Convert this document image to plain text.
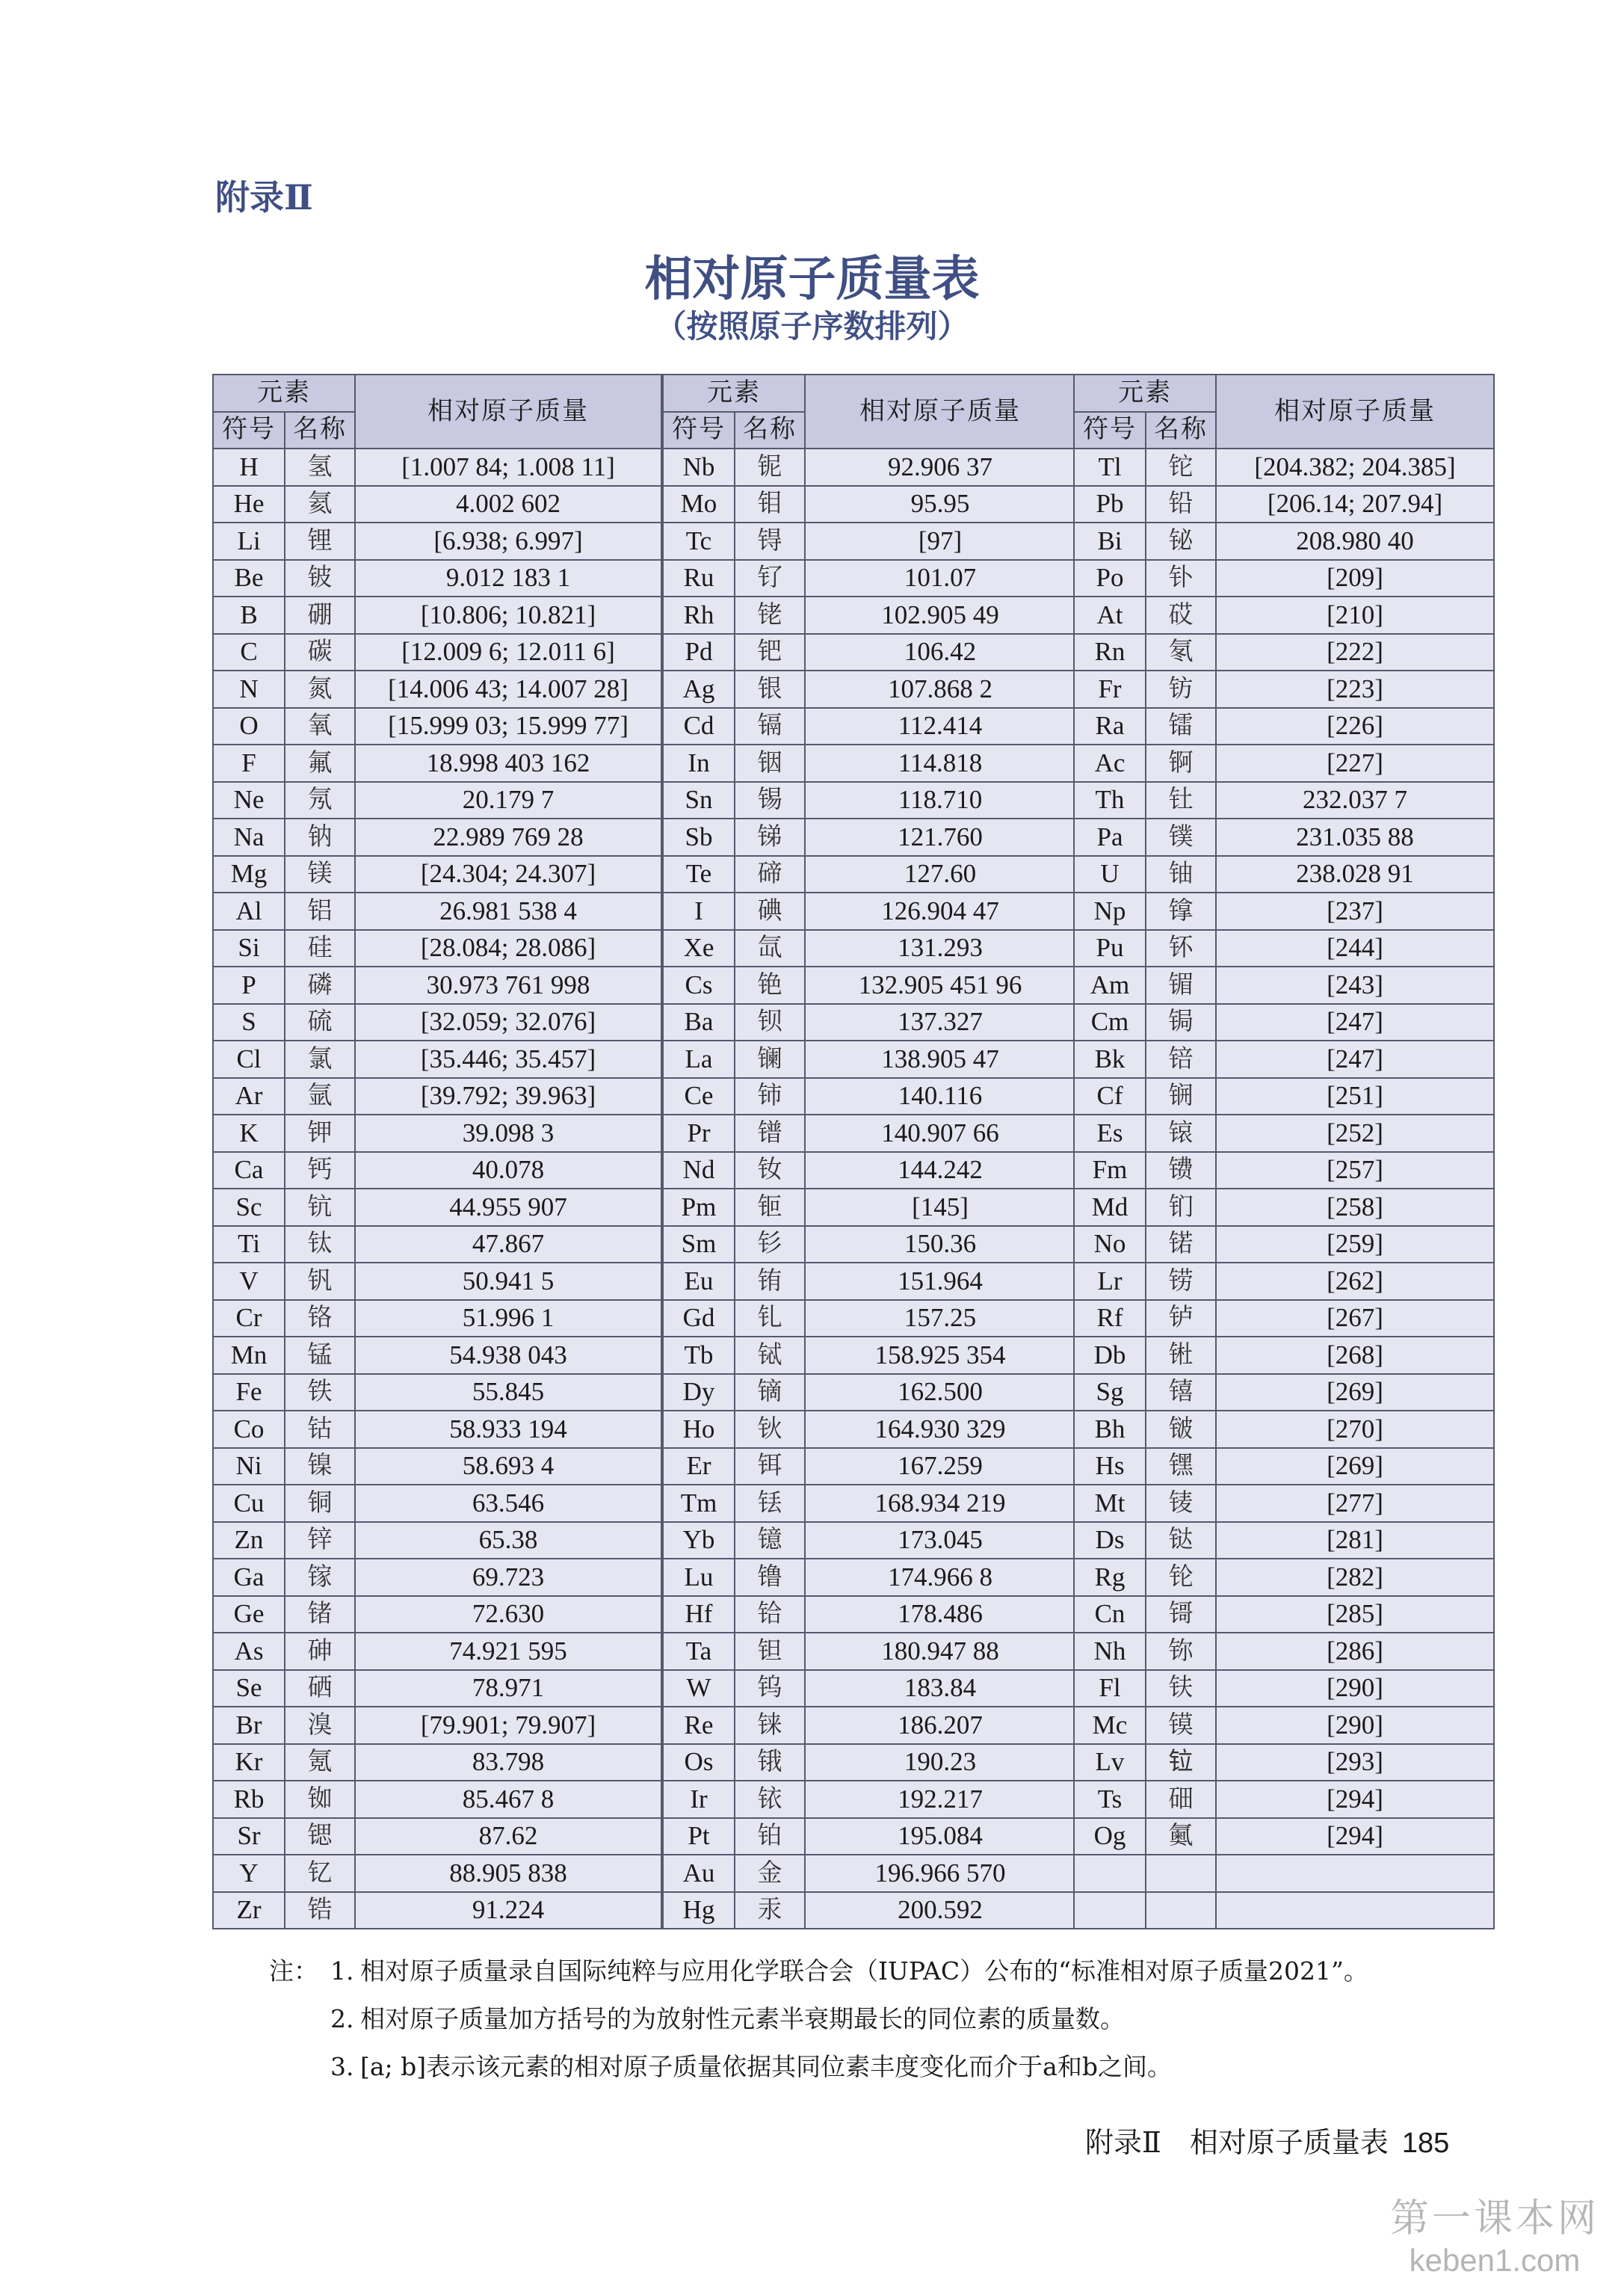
附录Ⅱ
相对原子质量表
（按照原子序数排列）
元素		相对原子质量
符号	名称	
H	氢	[1.007 84; 1.008 11]
He	氦	4.002 602
Li	锂	[6.938; 6.997]
Be	铍	9.012 183 1
B	硼	[10.806; 10.821]
C	碳	[12.009 6; 12.011 6]
N	氮	[14.006 43; 14.007 28]
O	氧	[15.999 03; 15.999 77]
F	氟	18.998 403 162
Ne	氖	20.179 7
Na	钠	22.989 769 28
Mg	镁	[24.304; 24.307]
Al	铝	26.981 538 4
Si	硅	[28.084; 28.086]
P	磷	30.973 761 998
S	硫	[32.059; 32.076]
Cl	氯	[35.446; 35.457]
Ar	氩	[39.792; 39.963]
K	钾	39.098 3
Ca	钙	40.078
Sc	钪	44.955 907
Ti	钛	47.867
V	钒	50.941 5
Cr	铬	51.996 1
Mn	锰	54.938 043
Fe	铁	55.845
Co	钴	58.933 194
Ni	镍	58.693 4
Cu	铜	63.546
Zn	锌	65.38
Ga	镓	69.723
Ge	锗	72.630
As	砷	74.921 595
Se	硒	78.971
Br	溴	[79.901; 79.907]
Kr	氪	83.798
Rb	铷	85.467 8
Sr	锶	87.62
Y	钇	88.905 838
Zr	锆	91.224
元素		相对原子质量
符号	名称	
Nb	铌	92.906 37
Mo	钼	95.95
Tc	锝	[97]
Ru	钌	101.07
Rh	铑	102.905 49
Pd	钯	106.42
Ag	银	107.868 2
Cd	镉	112.414
In	铟	114.818
Sn	锡	118.710
Sb	锑	121.760
Te	碲	127.60
I	碘	126.904 47
Xe	氙	131.293
Cs	铯	132.905 451 96
Ba	钡	137.327
La	镧	138.905 47
Ce	铈	140.116
Pr	镨	140.907 66
Nd	钕	144.242
Pm	钷	[145]
Sm	钐	150.36
Eu	铕	151.964
Gd	钆	157.25
Tb	铽	158.925 354
Dy	镝	162.500
Ho	钬	164.930 329
Er	铒	167.259
Tm	铥	168.934 219
Yb	镱	173.045
Lu	镥	174.966 8
Hf	铪	178.486
Ta	钽	180.947 88
W	钨	183.84
Re	铼	186.207
Os	锇	190.23
Ir	铱	192.217
Pt	铂	195.084
Au	金	196.966 570
Hg	汞	200.592
元素		相对原子质量
符号	名称	
Tl	铊	[204.382; 204.385]
Pb	铅	[206.14; 207.94]
Bi	铋	208.980 40
Po	钋	[209]
At	砹	[210]
Rn	氡	[222]
Fr	钫	[223]
Ra	镭	[226]
Ac	锕	[227]
Th	钍	232.037 7
Pa	镤	231.035 88
U	铀	238.028 91
Np	镎	[237]
Pu	钚	[244]
Am	镅	[243]
Cm	锔	[247]
Bk	锫	[247]
Cf	锎	[251]
Es	锿	[252]
Fm	镄	[257]
Md	钔	[258]
No	锘	[259]
Lr	铹	[262]
Rf	𬬻	[267]
Db	𬭊	[268]
Sg	𬭳	[269]
Bh	𬭛	[270]
Hs	𬭶	[269]
Mt	鿏	[277]
Ds	𫟼	[281]
Rg	𬬭	[282]
Cn	鿔	[285]
Nh	鿭	[286]
Fl	𫓧	[290]
Mc	镆	[290]
Lv	𫟷	[293]
Ts	鿬	[294]
Og	鿫	[294]

注： 1. 相对原子质量录自国际纯粹与应用化学联合会（IUPAC）公布的“标准相对原子质量2021”。

2. 相对原子质量加方括号的为放射性元素半衰期最长的同位素的质量数。

3. [a; b]表示该元素的相对原子质量依据其同位素丰度变化而介于a和b之间。

附录Ⅱ　相对原子质量表 185
第一课本网
keben1.com
